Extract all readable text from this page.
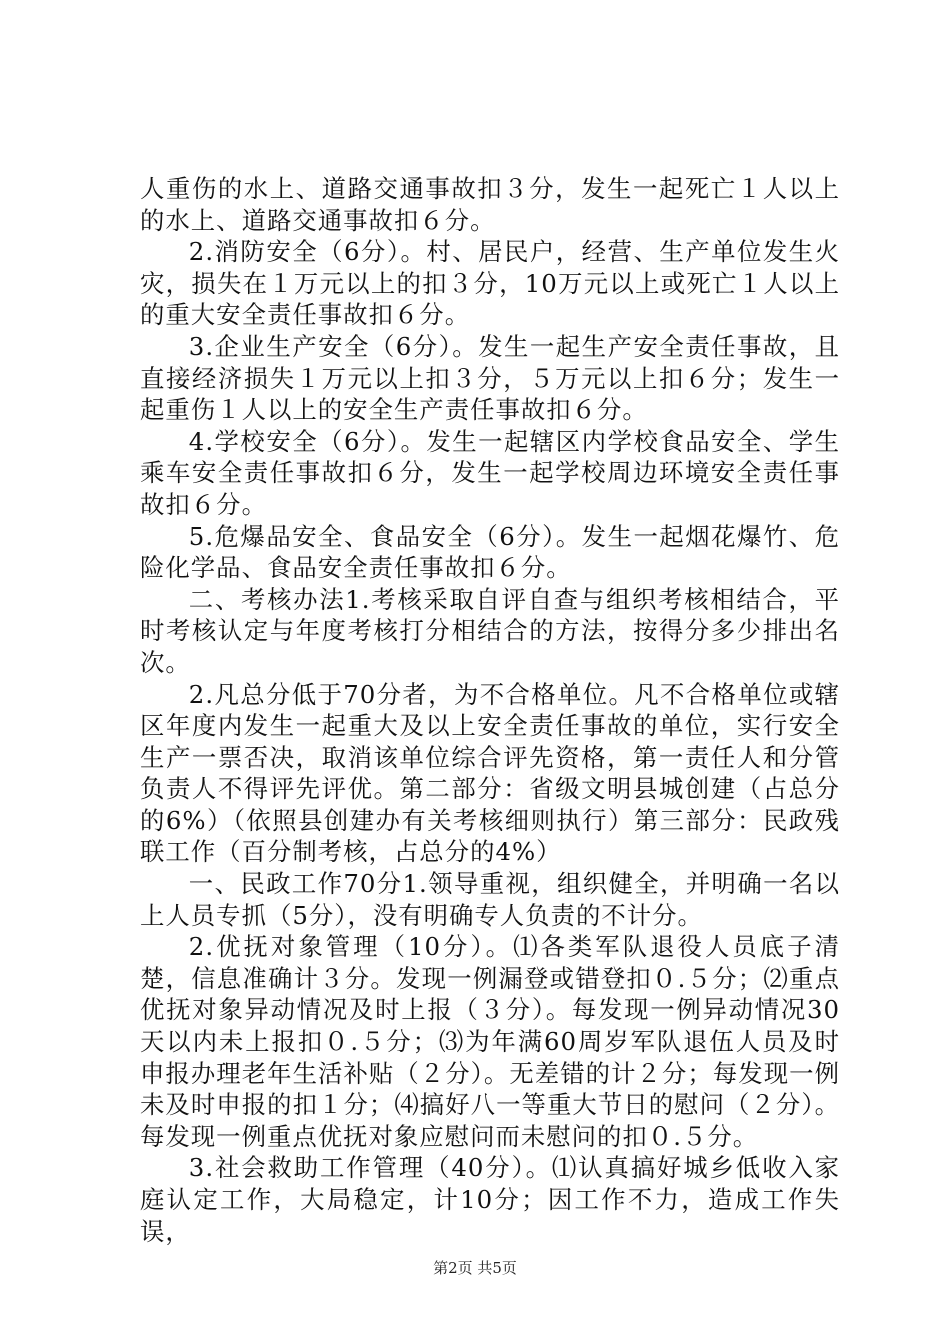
人重伤的水上、道路交通事故扣３分，发生一起死亡１人以上的水上、道路交通事故扣６分。

2.消防安全（6分）。村、居民户，经营、生产单位发生火灾，损失在１万元以上的扣３分，10万元以上或死亡１人以上的重大安全责任事故扣６分。

3.企业生产安全（6分）。发生一起生产安全责任事故，且直接经济损失１万元以上扣３分，５万元以上扣６分；发生一起重伤１人以上的安全生产责任事故扣６分。

4.学校安全（6分）。发生一起辖区内学校食品安全、学生乘车安全责任事故扣６分，发生一起学校周边环境安全责任事故扣６分。

5.危爆品安全、食品安全（6分）。发生一起烟花爆竹、危险化学品、食品安全责任事故扣６分。

二、考核办法1.考核采取自评自查与组织考核相结合，平时考核认定与年度考核打分相结合的方法，按得分多少排出名次。

2.凡总分低于70分者，为不合格单位。凡不合格单位或辖区年度内发生一起重大及以上安全责任事故的单位，实行安全生产一票否决，取消该单位综合评先资格，第一责任人和分管负责人不得评先评优。第二部分：省级文明县城创建（占总分的6%）（依照县创建办有关考核细则执行）第三部分：民政残联工作（百分制考核，占总分的4%）

一、民政工作70分1.领导重视，组织健全，并明确一名以上人员专抓（5分），没有明确专人负责的不计分。

2.优抚对象管理（10分）。⑴各类军队退役人员底子清楚，信息准确计３分。发现一例漏登或错登扣０.５分；⑵重点优抚对象异动情况及时上报（３分）。每发现一例异动情况30天以内未上报扣０.５分；⑶为年满60周岁军队退伍人员及时申报办理老年生活补贴（２分）。无差错的计２分；每发现一例未及时申报的扣１分；⑷搞好八一等重大节日的慰问（２分）。每发现一例重点优抚对象应慰问而未慰问的扣０.５分。

3.社会救助工作管理（40分）。⑴认真搞好城乡低收入家庭认定工作，大局稳定，计10分；因工作不力，造成工作失误，

第2页 共5页
